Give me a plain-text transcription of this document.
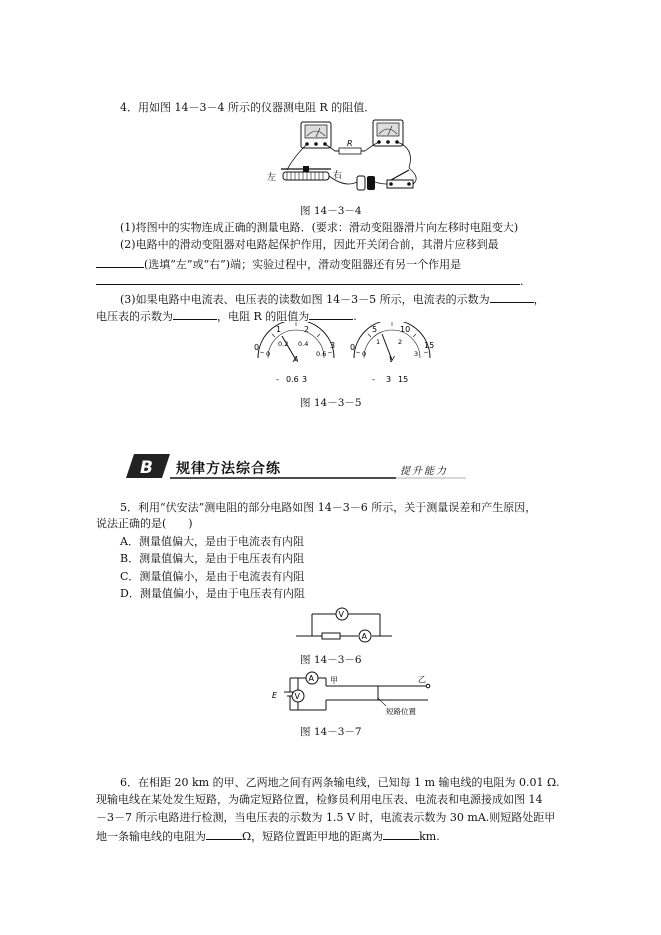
4．用如图 14－3－4 所示的仪器测电阻 R 的阻值．
R
左	右
图 14－3－4
(1)将图中的实物连成正确的测量电路．(要求：滑动变阻器滑片向左移时电阻变大)
(2)电路中的滑动变阻器对电路起保护作用，因此开关闭合前，其滑片应移到最
(选填“左”或“右”)端；实验过程中，滑动变阻器还有另一个作用是
.
(3)如果电路中电流表、电压表的读数如图 14－3－5 所示，电流表的示数为	，
电压表的示数为	，电阻 R 的阻值为	.
0
1	2
3
0
0.2 0.4
0.6
A
- 0.6 3
0
5	10
15
0
1	2
3
V
- 3 15
图 14－3－5
B 规律方法综合练	提升能力
5．利用“伏安法”测电阻的部分电路如图 14－3－6 所示，关于测量误差和产生原因，
说法正确的是(　　)
A．测量值偏大，是由于电流表有内阻
B．测量值偏大，是由于电压表有内阻
C．测量值偏小，是由于电流表有内阻
D．测量值偏小，是由于电压表有内阻
V
A
图 14－3－6
A
V
E
甲	乙
短路位置
图 14－3－7
6．在相距 20 km 的甲、乙两地之间有两条输电线，已知每 1 m 输电线的电阻为 0.01 Ω.
现输电线在某处发生短路，为确定短路位置，检修员利用电压表、电流表和电源接成如图 14
－3－7 所示电路进行检测，当电压表的示数为 1.5 V 时，电流表示数为 30 mA.则短路处距甲
地一条输电线的电阻为	Ω，短路位置距甲地的距离为	km.
